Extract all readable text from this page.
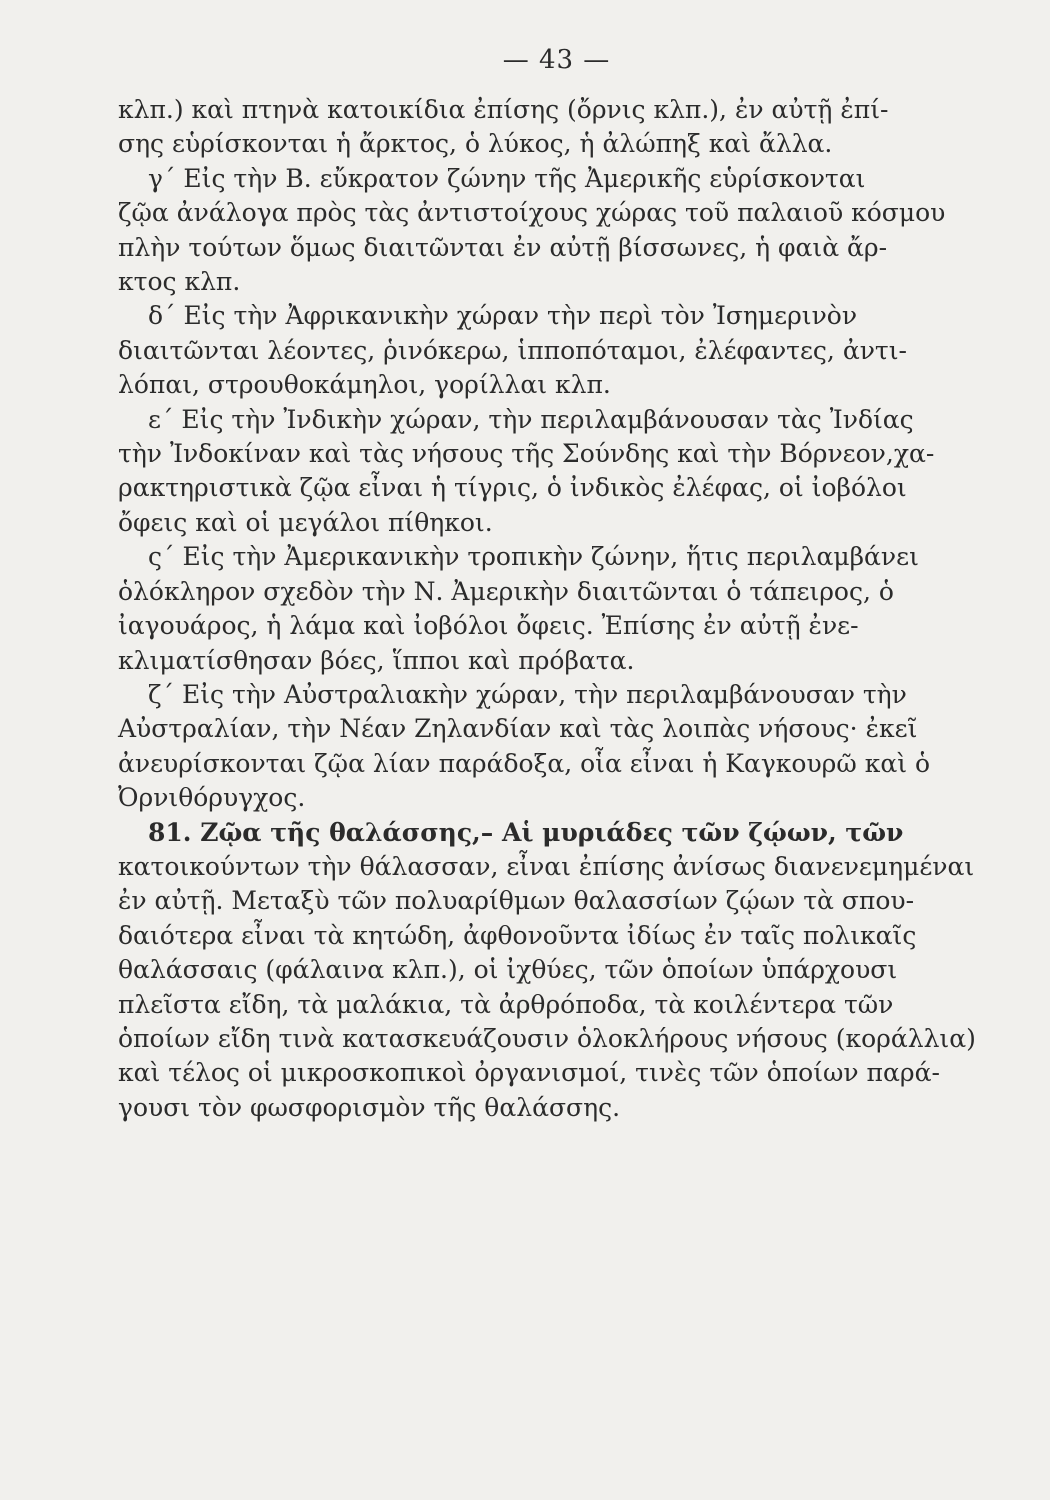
— 43 —
κλπ.) καὶ πτηνὰ κατοικίδια ἐπίσης (ὄρνις κλπ.), ἐν αὐτῇ ἐπί-
σης εὑρίσκονται ἡ ἄρκτος, ὁ λύκος, ἡ ἀλώπηξ καὶ ἄλλα.
γ΄ Εἰς τὴν Β. εὔκρατον ζώνην τῆς Ἀμερικῆς εὑρίσκονται
ζῷα ἀνάλογα πρὸς τὰς ἀντιστοίχους χώρας τοῦ παλαιοῦ κόσμου
πλὴν τούτων ὅμως διαιτῶνται ἐν αὐτῇ βίσσωνες, ἡ φαιὰ ἄρ-
κτος κλπ.
δ΄ Εἰς τὴν Ἀφρικανικὴν χώραν τὴν περὶ τὸν Ἰσημερινὸν
διαιτῶνται λέοντες, ῥινόκερω, ἱπποπόταμοι, ἐλέφαντες, ἀντι-
λόπαι, στρουθοκάμηλοι, γορίλλαι κλπ.
ε΄ Εἰς τὴν Ἰνδικὴν χώραν, τὴν περιλαμβάνουσαν τὰς Ἰνδίας
τὴν Ἰνδοκίναν καὶ τὰς νήσους τῆς Σούνδης καὶ τὴν Βόρνεον,χα-
ρακτηριστικὰ ζῷα εἶναι ἡ τίγρις, ὁ ἰνδικὸς ἐλέφας, οἱ ἰοβόλοι
ὄφεις καὶ οἱ μεγάλοι πίθηκοι.
ς΄ Εἰς τὴν Ἀμερικανικὴν τροπικὴν ζώνην, ἥτις περιλαμβάνει
ὁλόκληρον σχεδὸν τὴν Ν. Ἀμερικὴν διαιτῶνται ὁ τάπειρος, ὁ
ἰαγουάρος, ἡ λάμα καὶ ἰοβόλοι ὄφεις. Ἐπίσης ἐν αὐτῇ ἐνε-
κλιματίσθησαν βόες, ἵπποι καὶ πρόβατα.
ζ΄ Εἰς τὴν Αὐστραλιακὴν χώραν, τὴν περιλαμβάνουσαν τὴν
Αὐστραλίαν, τὴν Νέαν Ζηλανδίαν καὶ τὰς λοιπὰς νήσους· ἐκεῖ
ἀνευρίσκονται ζῷα λίαν παράδοξα, οἷα εἶναι ἡ Καγκουρῶ καὶ ὁ
Ὀρνιθόρυγχος.
81. Ζῷα τῆς θαλάσσης,– Αἱ μυριάδες τῶν ζῴων, τῶν
κατοικούντων τὴν θάλασσαν, εἶναι ἐπίσης ἀνίσως διανενεμημέναι
ἐν αὐτῇ. Μεταξὺ τῶν πολυαρίθμων θαλασσίων ζῴων τὰ σπου-
δαιότερα εἶναι τὰ κητώδη, ἀφθονοῦντα ἰδίως ἐν ταῖς πολικαῖς
θαλάσσαις (φάλαινα κλπ.), οἱ ἰχθύες, τῶν ὁποίων ὑπάρχουσι
πλεῖστα εἴδη, τὰ μαλάκια, τὰ ἀρθρόποδα, τὰ κοιλέντερα τῶν
ὁποίων εἴδη τινὰ κατασκευάζουσιν ὁλοκλήρους νήσους (κοράλλια)
καὶ τέλος οἱ μικροσκοπικοὶ ὀργανισμοί, τινὲς τῶν ὁποίων παρά-
γουσι τὸν φωσφορισμὸν τῆς θαλάσσης.
